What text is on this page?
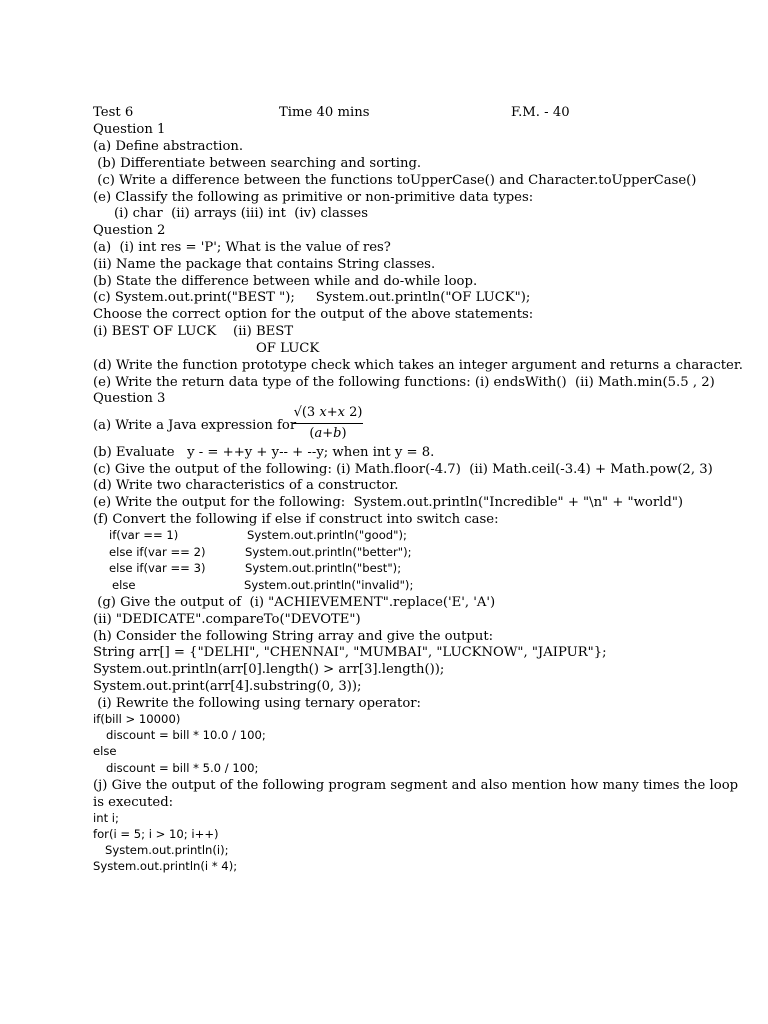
Test 6	Time 40 mins	F.M. - 40
Question 1
(a) Define abstraction.
(b) Differentiate between searching and sorting.
(c) Write a difference between the functions toUpperCase() and Character.toUpperCase()
(e) Classify the following as primitive or non-primitive data types:
(i) char  (ii) arrays (iii) int  (iv) classes
Question 2
(a)  (i) int res = 'P'; What is the value of res?
(ii) Name the package that contains String classes.
(b) State the difference between while and do-while loop.
(c) System.out.print("BEST ");     System.out.println("OF LUCK");
Choose the correct option for the output of the above statements:
(i) BEST OF LUCK    (ii) BEST
OF LUCK
(d) Write the function prototype check which takes an integer argument and returns a character.
(e) Write the return data type of the following functions: (i) endsWith()  (ii) Math.min(5.5 , 2)
Question 3
(a) Write a Java expression for
√(3 x+x 2)
(a+b)
(b) Evaluate   y - = ++y + y-- + --y; when int y = 8.
(c) Give the output of the following: (i) Math.floor(-4.7)  (ii) Math.ceil(-3.4) + Math.pow(2, 3)
(d) Write two characteristics of a constructor.
(e) Write the output for the following:  System.out.println("Incredible" + "\n" + "world")
(f) Convert the following if else if construct into switch case:
if(var == 1)	System.out.println("good");
else if(var == 2)	System.out.println("better");
else if(var == 3)	System.out.println("best");
else	System.out.println("invalid");
(g) Give the output of  (i) "ACHIEVEMENT".replace('E', 'A')
(ii) "DEDICATE".compareTo("DEVOTE")
(h) Consider the following String array and give the output:
String arr[] = {"DELHI", "CHENNAI", "MUMBAI", "LUCKNOW", "JAIPUR"};
System.out.println(arr[0].length() > arr[3].length());
System.out.print(arr[4].substring(0, 3));
(i) Rewrite the following using ternary operator:
if(bill > 10000)
discount = bill * 10.0 / 100;
else
discount = bill * 5.0 / 100;
(j) Give the output of the following program segment and also mention how many times the loop
is executed:
int i;
for(i = 5; i > 10; i++)
System.out.println(i);
System.out.println(i * 4);
